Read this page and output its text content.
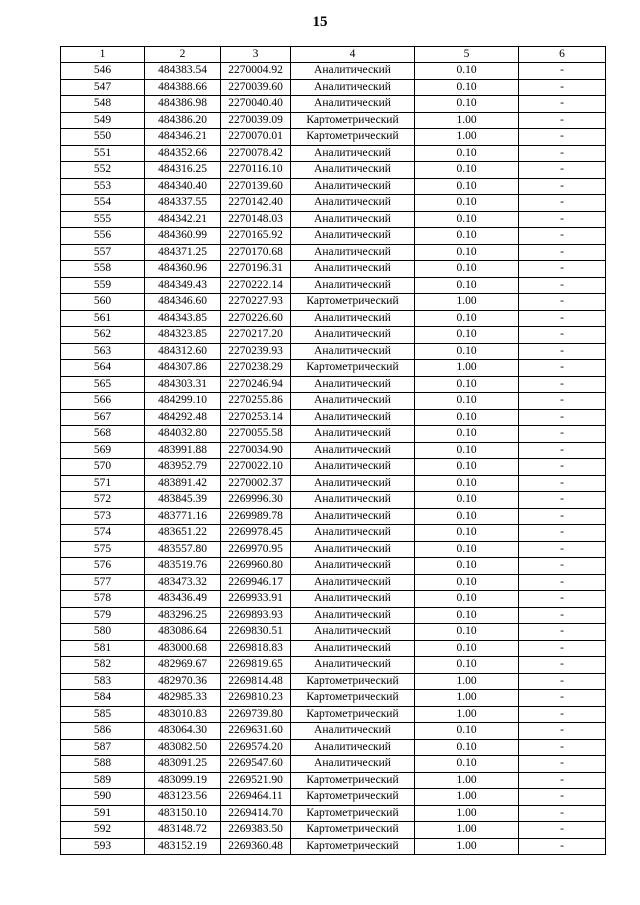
15
1	2	3	4	5	6
546	484383.54	2270004.92	Аналитический	0.10	-
547	484388.66	2270039.60	Аналитический	0.10	-
548	484386.98	2270040.40	Аналитический	0.10	-
549	484386.20	2270039.09	Картометрический	1.00	-
550	484346.21	2270070.01	Картометрический	1.00	-
551	484352.66	2270078.42	Аналитический	0.10	-
552	484316.25	2270116.10	Аналитический	0.10	-
553	484340.40	2270139.60	Аналитический	0.10	-
554	484337.55	2270142.40	Аналитический	0.10	-
555	484342.21	2270148.03	Аналитический	0.10	-
556	484360.99	2270165.92	Аналитический	0.10	-
557	484371.25	2270170.68	Аналитический	0.10	-
558	484360.96	2270196.31	Аналитический	0.10	-
559	484349.43	2270222.14	Аналитический	0.10	-
560	484346.60	2270227.93	Картометрический	1.00	-
561	484343.85	2270226.60	Аналитический	0.10	-
562	484323.85	2270217.20	Аналитический	0.10	-
563	484312.60	2270239.93	Аналитический	0.10	-
564	484307.86	2270238.29	Картометрический	1.00	-
565	484303.31	2270246.94	Аналитический	0.10	-
566	484299.10	2270255.86	Аналитический	0.10	-
567	484292.48	2270253.14	Аналитический	0.10	-
568	484032.80	2270055.58	Аналитический	0.10	-
569	483991.88	2270034.90	Аналитический	0.10	-
570	483952.79	2270022.10	Аналитический	0.10	-
571	483891.42	2270002.37	Аналитический	0.10	-
572	483845.39	2269996.30	Аналитический	0.10	-
573	483771.16	2269989.78	Аналитический	0.10	-
574	483651.22	2269978.45	Аналитический	0.10	-
575	483557.80	2269970.95	Аналитический	0.10	-
576	483519.76	2269960.80	Аналитический	0.10	-
577	483473.32	2269946.17	Аналитический	0.10	-
578	483436.49	2269933.91	Аналитический	0.10	-
579	483296.25	2269893.93	Аналитический	0.10	-
580	483086.64	2269830.51	Аналитический	0.10	-
581	483000.68	2269818.83	Аналитический	0.10	-
582	482969.67	2269819.65	Аналитический	0.10	-
583	482970.36	2269814.48	Картометрический	1.00	-
584	482985.33	2269810.23	Картометрический	1.00	-
585	483010.83	2269739.80	Картометрический	1.00	-
586	483064.30	2269631.60	Аналитический	0.10	-
587	483082.50	2269574.20	Аналитический	0.10	-
588	483091.25	2269547.60	Аналитический	0.10	-
589	483099.19	2269521.90	Картометрический	1.00	-
590	483123.56	2269464.11	Картометрический	1.00	-
591	483150.10	2269414.70	Картометрический	1.00	-
592	483148.72	2269383.50	Картометрический	1.00	-
593	483152.19	2269360.48	Картометрический	1.00	-
